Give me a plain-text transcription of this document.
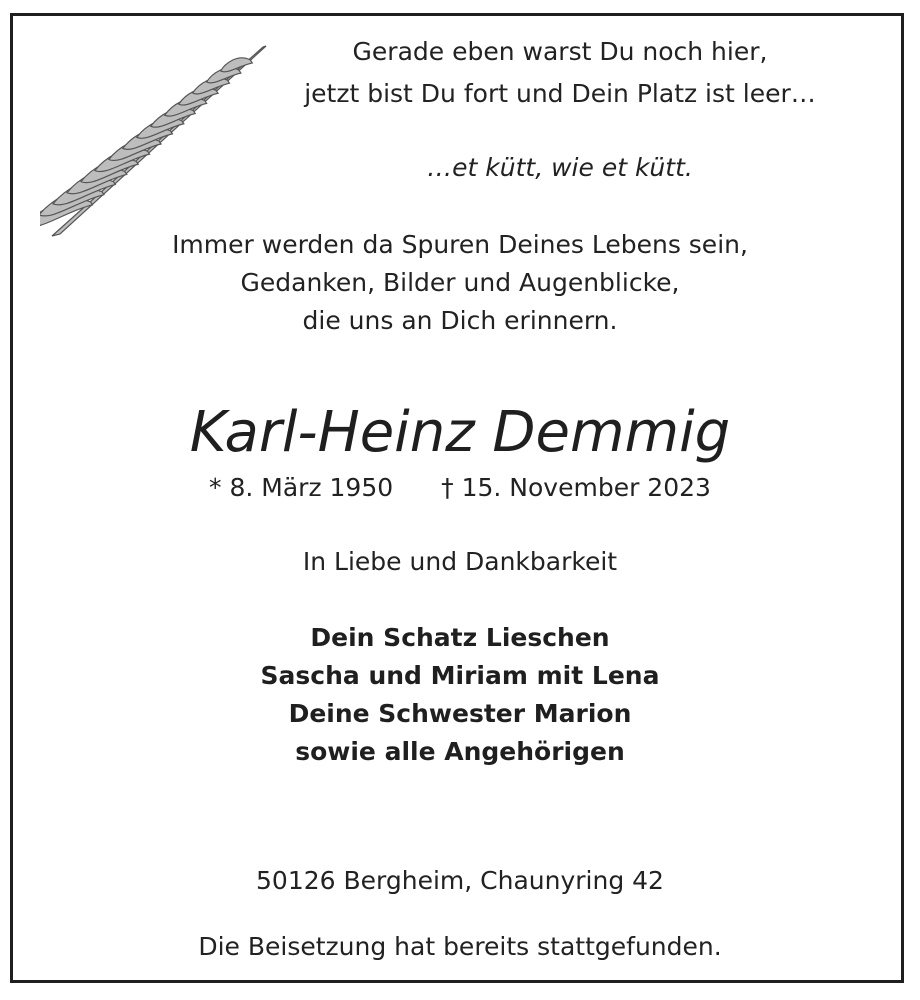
Gerade eben warst Du noch hier,
jetzt bist Du fort und Dein Platz ist leer…
…et kütt, wie et kütt.
Immer werden da Spuren Deines Lebens sein,
Gedanken, Bilder und Augenblicke,
die uns an Dich erinnern.
Karl-Heinz Demmig
* 8. März 1950 † 15. November 2023
In Liebe und Dankbarkeit
Dein Schatz Lieschen
Sascha und Miriam mit Lena
Deine Schwester Marion
sowie alle Angehörigen
50126 Bergheim, Chaunyring 42
Die Beisetzung hat bereits stattgefunden.
